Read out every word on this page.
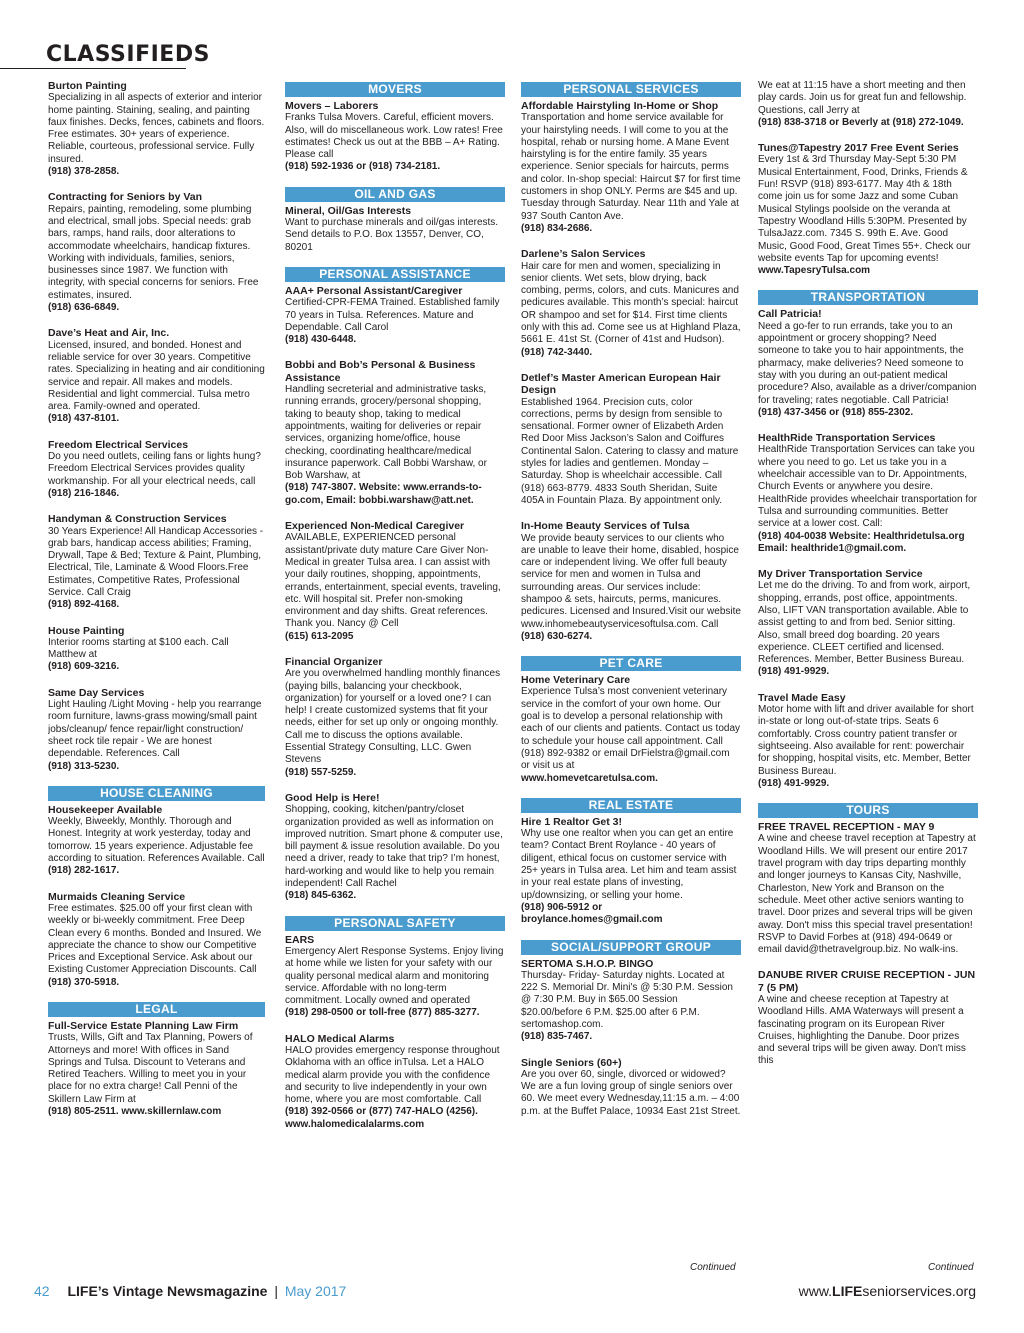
CLASSIFIEDS
Burton Painting
Specializing in all aspects of exterior and interior home painting. Staining, sealing, and painting faux finishes. Decks, fences, cabinets and floors. Free estimates. 30+ years of experience. Reliable, courteous, professional service. Fully insured.
(918) 378-2858.
Contracting for Seniors by Van
Repairs, painting, remodeling, some plumbing and electrical, small jobs. Special needs: grab bars, ramps, hand rails, door alterations to accommodate wheelchairs, handicap fixtures. Working with individuals, families, seniors, businesses since 1987. We function with integrity, with special concerns for seniors. Free estimates, insured.
(918) 636-6849.
Dave’s Heat and Air, Inc.
Licensed, insured, and bonded. Honest and reliable service for over 30 years. Competitive rates. Specializing in heating and air conditioning service and repair. All makes and models. Residential and light commercial. Tulsa metro area. Family-owned and operated.
(918) 437-8101.
Freedom Electrical Services
Do you need outlets, ceiling fans or lights hung? Freedom Electrical Services provides quality workmanship. For all your electrical needs, call
(918) 216-1846.
Handyman & Construction Services
30 Years Experience! All Handicap Accessories - grab bars, handicap access abilities; Framing, Drywall, Tape & Bed; Texture & Paint, Plumbing, Electrical, Tile, Laminate & Wood Floors.Free Estimates, Competitive Rates, Professional Service. Call Craig
(918) 892-4168.
House Painting
Interior rooms starting at $100 each. Call Matthew at
(918) 609-3216.
Same Day Services
Light Hauling /Light Moving - help you rearrange room furniture, lawns-grass mowing/small paint jobs/cleanup/ fence repair/light construction/ sheet rock tile repair - We are honest dependable. References. Call
(918) 313-5230.
HOUSE CLEANING
Housekeeper Available
Weekly, Biweekly, Monthly. Thorough and Honest. Integrity at work yesterday, today and tomorrow. 15 years experience. Adjustable fee according to situation. References Available. Call
(918) 282-1617.
Murmaids Cleaning Service
Free estimates. $25.00 off your first clean with weekly or bi-weekly commitment. Free Deep Clean every 6 months. Bonded and Insured. We appreciate the chance to show our Competitive Prices and Exceptional Service. Ask about our Existing Customer Appreciation Discounts. Call
(918) 370-5918.
LEGAL
Full-Service Estate Planning Law Firm
Trusts, Wills, Gift and Tax Planning, Powers of Attorneys and more! With offices in Sand Springs and Tulsa. Discount to Veterans and Retired Teachers. Willing to meet you in your place for no extra charge! Call Penni of the Skillern Law Firm at
(918) 805-2511. www.skillernlaw.com
MOVERS
Movers – Laborers
Franks Tulsa Movers. Careful, efficient movers. Also, will do miscellaneous work. Low rates! Free estimates! Check us out at the BBB – A+ Rating. Please call
(918) 592-1936 or (918) 734-2181.
OIL AND GAS
Mineral, Oil/Gas Interests
Want to purchase minerals and oil/gas interests. Send details to P.O. Box 13557, Denver, CO, 80201
PERSONAL ASSISTANCE
AAA+ Personal Assistant/Caregiver
Certified-CPR-FEMA Trained. Established family 70 years in Tulsa. References. Mature and Dependable. Call Carol
(918) 430-6448.
Bobbi and Bob’s Personal & Business Assistance
Handling secreterial and administrative tasks, running errands, grocery/personal shopping, taking to beauty shop, taking to medical appointments, waiting for deliveries or repair services, organizing home/office, house checking, coordinating healthcare/medical insurance paperwork. Call Bobbi Warshaw, or Bob Warshaw, at
(918) 747-3807. Website: www.errands-to-go.com, Email: bobbi.warshaw@att.net.
Experienced Non-Medical Caregiver
AVAILABLE, EXPERIENCED personal assistant/private duty mature Care Giver Non-Medical in greater Tulsa area. I can assist with your daily routines, shopping, appointments, errands, entertainment, special events, traveling, etc. Will hospital sit. Prefer non-smoking environment and day shifts. Great references. Thank you. Nancy @ Cell
(615) 613-2095
Financial Organizer
Are you overwhelmed handling monthly finances (paying bills, balancing your checkbook, organization) for yourself or a loved one? I can help! I create customized systems that fit your needs, either for set up only or ongoing monthly. Call me to discuss the options available. Essential Strategy Consulting, LLC. Gwen Stevens
(918) 557-5259.
Good Help is Here!
Shopping, cooking, kitchen/pantry/closet organization provided as well as information on improved nutrition. Smart phone & computer use, bill payment & issue resolution available. Do you need a driver, ready to take that trip? I’m honest, hard-working and would like to help you remain independent! Call Rachel
(918) 845-6362.
PERSONAL SAFETY
EARS
Emergency Alert Response Systems. Enjoy living at home while we listen for your safety with our quality personal medical alarm and monitoring service. Affordable with no long-term commitment. Locally owned and operated
(918) 298-0500 or toll-free (877) 885-3277.
HALO Medical Alarms
HALO provides emergency response throughout Oklahoma with an office inTulsa. Let a HALO medical alarm provide you with the confidence and security to live independently in your own home, where you are most comfortable. Call
(918) 392-0566 or (877) 747-HALO (4256). www.halomedicalalarms.com
PERSONAL SERVICES
Affordable Hairstyling In-Home or Shop
Transportation and home service available for your hairstyling needs. I will come to you at the hospital, rehab or nursing home. A Mane Event hairstyling is for the entire family. 35 years experience. Senior specials for haircuts, perms and color. In-shop special: Haircut $7 for first time customers in shop ONLY. Perms are $45 and up. Tuesday through Saturday. Near 11th and Yale at 937 South Canton Ave.
(918) 834-2686.
Darlene’s Salon Services
Hair care for men and women, specializing in senior clients. Wet sets, blow drying, back combing, perms, colors, and cuts. Manicures and pedicures available. This month’s special: haircut OR shampoo and set for $14. First time clients only with this ad. Come see us at Highland Plaza, 5661 E. 41st St. (Corner of 41st and Hudson).
(918) 742-3440.
Detlef’s Master American European Hair Design
Established 1964. Precision cuts, color corrections, perms by design from sensible to sensational. Former owner of Elizabeth Arden Red Door Miss Jackson’s Salon and Coiffures Continental Salon. Catering to classy and mature styles for ladies and gentlemen. Monday – Saturday. Shop is wheelchair accessible. Call (918) 663-8779. 4833 South Sheridan, Suite 405A in Fountain Plaza. By appointment only.
In-Home Beauty Services of Tulsa
We provide beauty services to our clients who are unable to leave their home, disabled, hospice care or independent living. We offer full beauty service for men and women in Tulsa and surrounding areas. Our services include: shampoo & sets, haircuts, perms, manicures. pedicures. Licensed and Insured.Visit our website www.inhomebeautyservicesoftulsa.com. Call
(918) 630-6274.
PET CARE
Home Veterinary Care
Experience Tulsa’s most convenient veterinary service in the comfort of your own home. Our goal is to develop a personal relationship with each of our clients and patients. Contact us today to schedule your house call appointment. Call (918) 892-9382 or email DrFielstra@gmail.com or visit us at
www.homevetcaretulsa.com.
REAL ESTATE
Hire 1 Realtor Get 3!
Why use one realtor when you can get an entire team? Contact Brent Roylance - 40 years of diligent, ethical focus on customer service with 25+ years in Tulsa area. Let him and team assist in your real estate plans of investing, up/downsizing, or selling your home.
(918) 906-5912 or broylance.homes@gmail.com
SOCIAL/SUPPORT GROUP
SERTOMA S.H.O.P. BINGO
Thursday- Friday- Saturday nights. Located at 222 S. Memorial Dr. Mini's @ 5:30 P.M. Session @ 7:30 P.M. Buy in $65.00 Session $20.00/before 6 P.M. $25.00 after 6 P.M. sertomashop.com.
(918) 835-7467.
Single Seniors (60+)
Are you over 60, single, divorced or widowed? We are a fun loving group of single seniors over 60. We meet every Wednesday,11:15 a.m. – 4:00 p.m. at the Buffet Palace, 10934 East 21st Street.
We eat at 11:15 have a short meeting and then play cards. Join us for great fun and fellowship. Questions, call Jerry at
(918) 838-3718 or Beverly at (918) 272-1049.
Tunes@Tapestry 2017 Free Event Series
Every 1st & 3rd Thursday May-Sept 5:30 PM Musical Entertainment, Food, Drinks, Friends & Fun! RSVP (918) 893-6177. May 4th & 18th come join us for some Jazz and some Cuban Musical Stylings poolside on the veranda at Tapestry Woodland Hills 5:30PM. Presented by TulsaJazz.com. 7345 S. 99th E. Ave. Good Music, Good Food, Great Times 55+. Check our website events Tap for upcoming events!
www.TapesryTulsa.com
TRANSPORTATION
Call Patricia!
Need a go-fer to run errands, take you to an appointment or grocery shopping? Need someone to take you to hair appointments, the pharmacy, make deliveries? Need someone to stay with you during an out-patient medical procedure? Also, available as a driver/companion for traveling; rates negotiable. Call Patricia!
(918) 437-3456 or (918) 855-2302.
HealthRide Transportation Services
HealthRide Transportation Services can take you where you need to go. Let us take you in a wheelchair accessible van to Dr. Appointments, Church Events or anywhere you desire. HealthRide provides wheelchair transportation for Tulsa and surrounding communities. Better service at a lower cost. Call:
(918) 404-0038 Website: Healthridetulsa.org Email: healthride1@gmail.com.
My Driver Transportation Service
Let me do the driving. To and from work, airport, shopping, errands, post office, appointments. Also, LIFT VAN transportation available. Able to assist getting to and from bed. Senior sitting. Also, small breed dog boarding. 20 years experience. CLEET certified and licensed. References. Member, Better Business Bureau.
(918) 491-9929.
Travel Made Easy
Motor home with lift and driver available for short in-state or long out-of-state trips. Seats 6 comfortably. Cross country patient transfer or sightseeing. Also available for rent: powerchair for shopping, hospital visits, etc. Member, Better Business Bureau.
(918) 491-9929.
TOURS
FREE TRAVEL RECEPTION - MAY 9
A wine and cheese travel reception at Tapestry at Woodland Hills. We will present our entire 2017 travel program with day trips departing monthly and longer journeys to Kansas City, Nashville, Charleston, New York and Branson on the schedule. Meet other active seniors wanting to travel. Door prizes and several trips will be given away. Don't miss this special travel presentation! RSVP to David Forbes at (918) 494-0649 or email david@thetravelgroup.biz. No walk-ins.
DANUBE RIVER CRUISE RECEPTION - JUN 7 (5 PM)
A wine and cheese reception at Tapestry at Woodland Hills. AMA Waterways will present a fascinating program on its European River Cruises, highlighting the Danube. Door prizes and several trips will be given away. Don't miss this
Continued	Continued
42 LIFE’s Vintage Newsmagazine | May 2017	www.LIFEseniorservices.org
